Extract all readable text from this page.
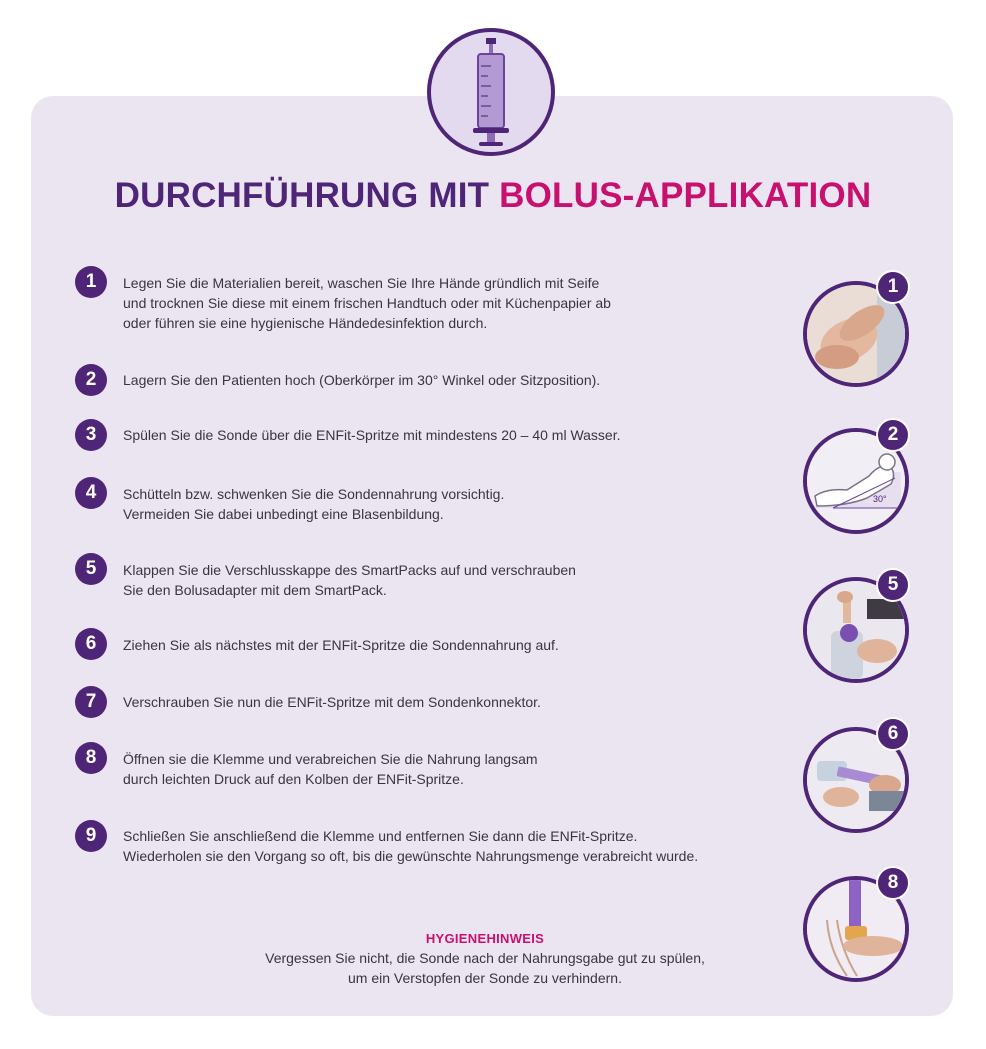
DURCHFÜHRUNG MIT BOLUS-APPLIKATION
1	Legen Sie die Materialien bereit, waschen Sie Ihre Hände gründlich mit Seife
und trocknen Sie diese mit einem frischen Handtuch oder mit Küchenpapier ab
oder führen sie eine hygienische Händedesinfektion durch.
2	Lagern Sie den Patienten hoch (Oberkörper im 30° Winkel oder Sitzposition).
3	Spülen Sie die Sonde über die ENFit-Spritze mit mindestens 20 – 40 ml Wasser.
4	Schütteln bzw. schwenken Sie die Sondennahrung vorsichtig.
Vermeiden Sie dabei unbedingt eine Blasenbildung.
5	Klappen Sie die Verschlusskappe des SmartPacks auf und verschrauben
Sie den Bolusadapter mit dem SmartPack.
6	Ziehen Sie als nächstes mit der ENFit-Spritze die Sondennahrung auf.
7	Verschrauben Sie nun die ENFit-Spritze mit dem Sondenkonnektor.
8	Öffnen sie die Klemme und verabreichen Sie die Nahrung langsam
durch leichten Druck auf den Kolben der ENFit-Spritze.
9	Schließen Sie anschließend die Klemme und entfernen Sie dann die ENFit-Spritze.
Wiederholen sie den Vorgang so oft, bis die gewünschte Nahrungsmenge verabreicht wurde.
1
30°
2
5
6
8
HYGIENEHINWEIS
Vergessen Sie nicht, die Sonde nach der Nahrungsgabe gut zu spülen,
um ein Verstopfen der Sonde zu verhindern.
